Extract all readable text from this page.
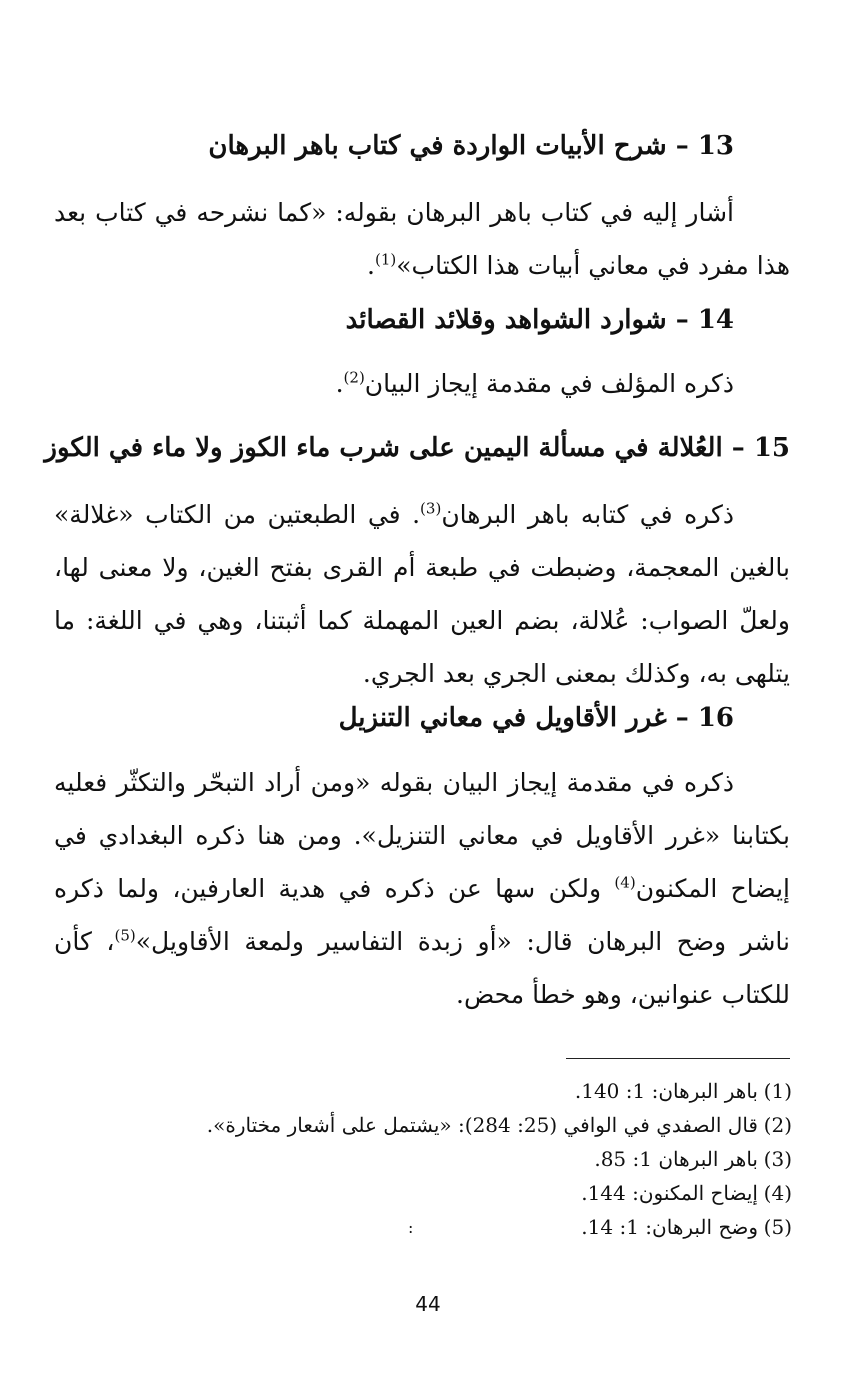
13 – شرح الأبيات الواردة في كتاب باهر البرهان

أشار إليه في كتاب باهر البرهان بقوله: «كما نشرحه في كتاب بعد هذا مفرد في معاني أبيات هذا الكتاب»$^{(1)}$.

14 – شوارد الشواهد وقلائد القصائد
ذكره المؤلف في مقدمة إيجاز البيان$^{(2)}$.
15 – العُلالة في مسألة اليمين على شرب ماء الكوز ولا ماء في الكوز

ذكره في كتابه باهر البرهان$^{(3)}$. في الطبعتين من الكتاب «غلالة» بالغين المعجمة، وضبطت في طبعة أم القرى بفتح الغين، ولا معنى لها، ولعلّ الصواب: عُلالة، بضم العين المهملة كما أثبتنا، وهي في اللغة: ما يتلهى به، وكذلك بمعنى الجري بعد الجري.

16 – غرر الأقاويل في معاني التنزيل

ذكره في مقدمة إيجاز البيان بقوله «ومن أراد التبحّر والتكثّر فعليه بكتابنا «غرر الأقاويل في معاني التنزيل». ومن هنا ذكره البغدادي في إيضاح المكنون$^{(4)}$ ولكن سها عن ذكره في هدية العارفين، ولما ذكره ناشر وضح البرهان قال: «أو زبدة التفاسير ولمعة الأقاويل»$^{(5)}$، كأن للكتاب عنوانين، وهو خطأ محض.

(1)باهر البرهان: 1: 140.
(2)قال الصفدي في الوافي (25: 284): «يشتمل على أشعار مختارة».
(3)باهر البرهان 1: 85.
(4)إيضاح المكنون: 144.
(5)وضح البرهان: 1: 14.
:
44
